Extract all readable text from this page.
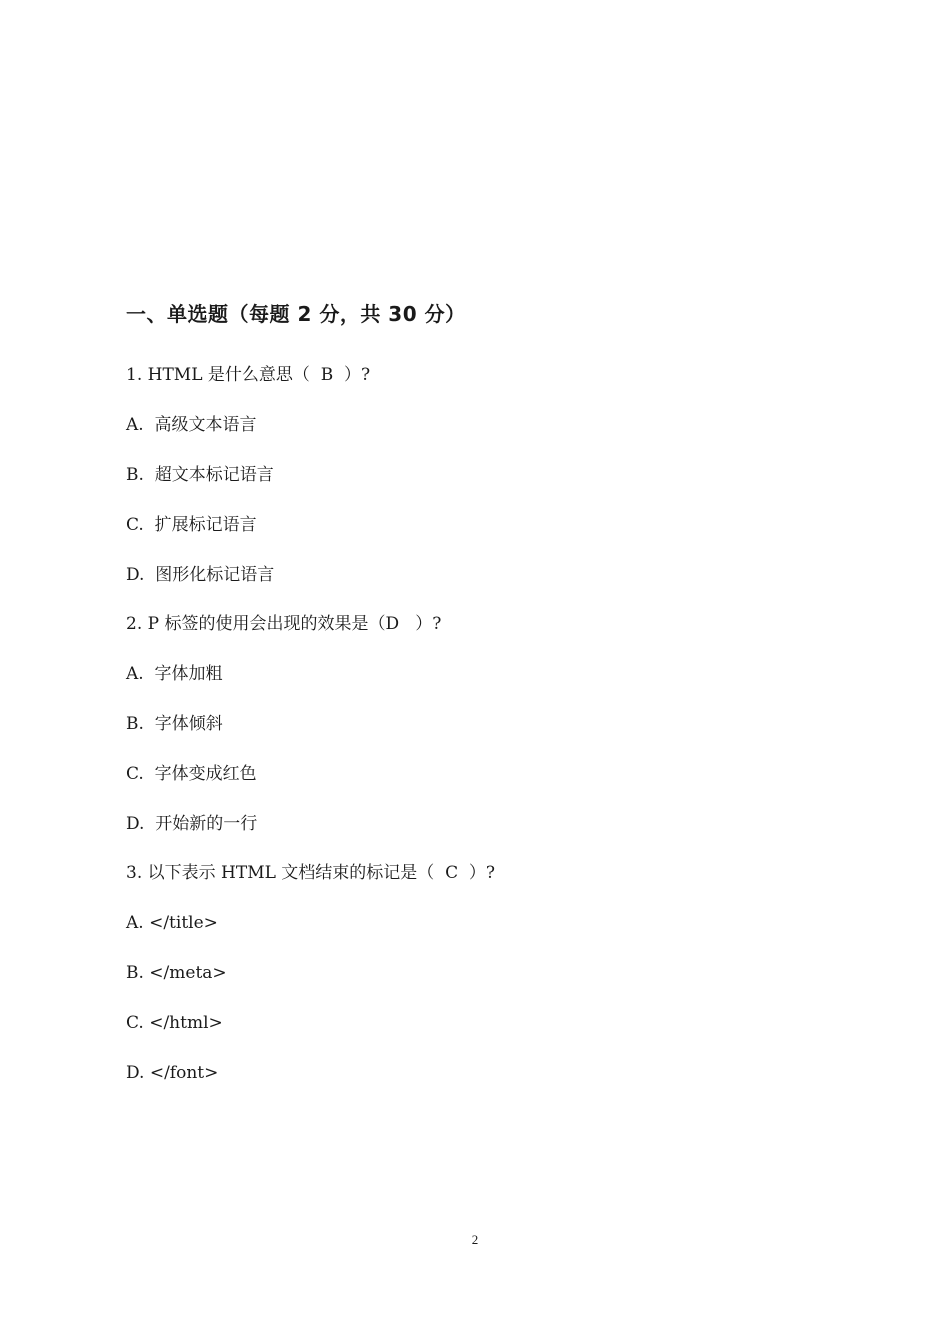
一、单选题（每题 2 分，共 30 分）
1. HTML 是什么意思（  B  ）?
A.  高级文本语言
B.  超文本标记语言
C.  扩展标记语言
D.  图形化标记语言
2. P 标签的使用会出现的效果是（D   ）?
A.  字体加粗
B.  字体倾斜
C.  字体变成红色
D.  开始新的一行
3. 以下表示 HTML 文档结束的标记是（  C  ）?
A. </title>
B. </meta>
C. </html>
D. </font>
2
